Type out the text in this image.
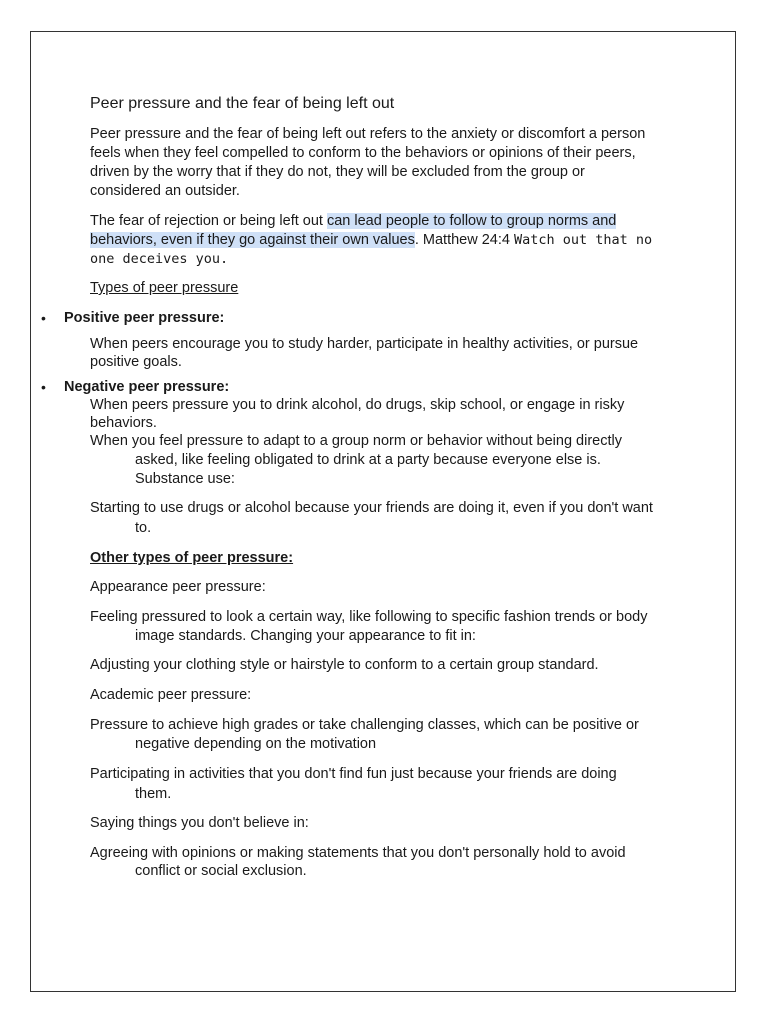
Peer pressure and the fear of being left out

Peer pressure and the fear of being left out refers to the anxiety or discomfort a person

feels when they feel compelled to conform to the behaviors or opinions of their peers,

driven by the worry that if they do not, they will be excluded from the group or

considered an outsider.

The fear of rejection or being left out can lead people to follow to group norms and

behaviors, even if they go against their own values. Matthew 24:4 Watch out that no

one deceives you.

Types of peer pressure

• Positive peer pressure:

When peers encourage you to study harder, participate in healthy activities, or pursue

positive goals.

• Negative peer pressure:

When peers pressure you to drink alcohol, do drugs, skip school, or engage in risky

behaviors.

When you feel pressure to adapt to a group norm or behavior without being directly

asked, like feeling obligated to drink at a party because everyone else is.

Substance use:

Starting to use drugs or alcohol because your friends are doing it, even if you don't want

to.

Other types of peer pressure:

Appearance peer pressure:

Feeling pressured to look a certain way, like following to specific fashion trends or body

image standards. Changing your appearance to fit in:

Adjusting your clothing style or hairstyle to conform to a certain group standard.

Academic peer pressure:

Pressure to achieve high grades or take challenging classes, which can be positive or

negative depending on the motivation

Participating in activities that you don't find fun just because your friends are doing

them.

Saying things you don't believe in:

Agreeing with opinions or making statements that you don't personally hold to avoid

conflict or social exclusion.
